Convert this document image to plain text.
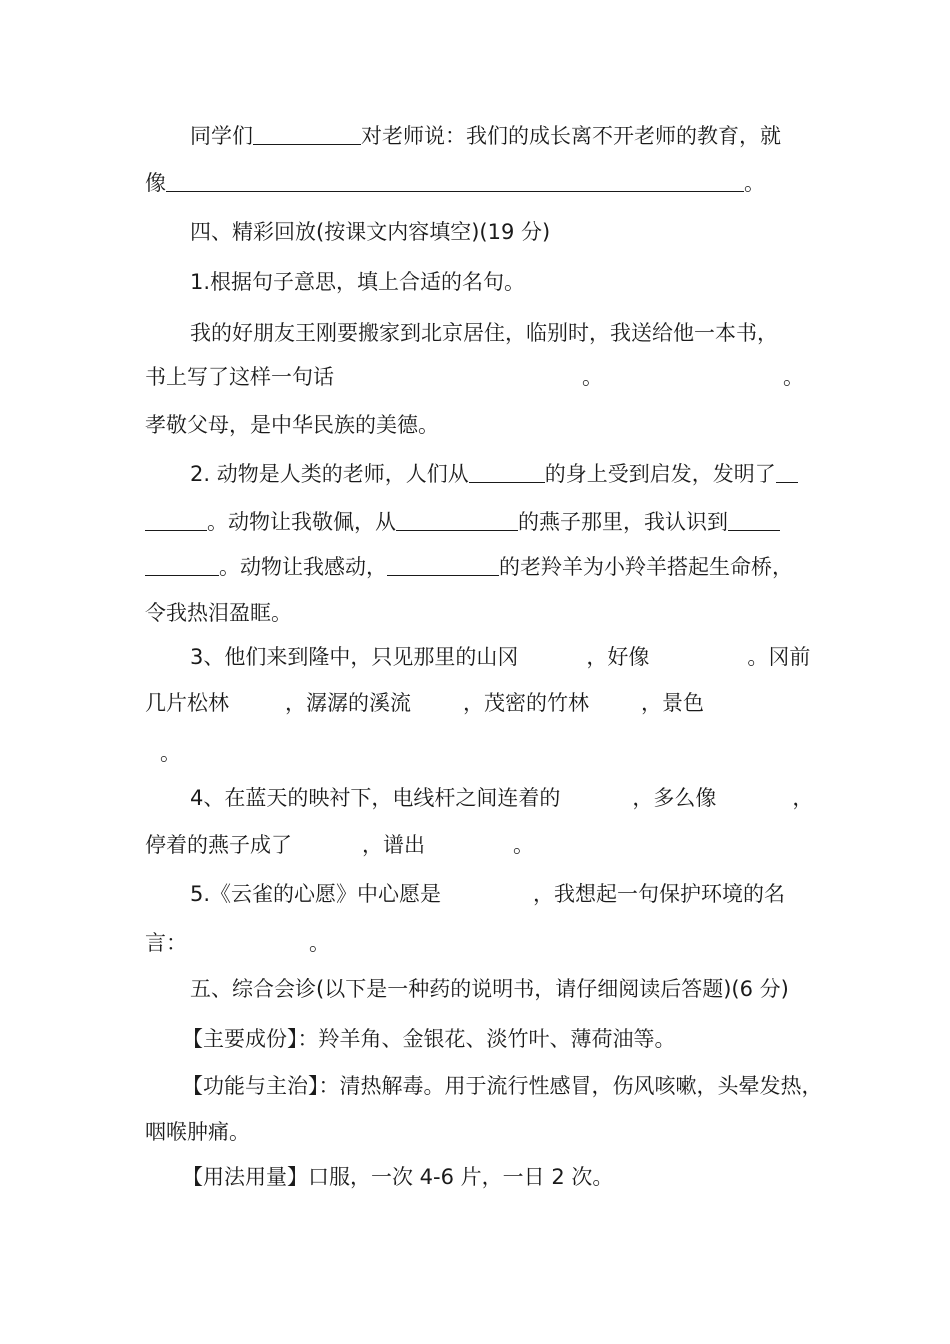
同学们	对老师说：我们的成长离不开老师的教育，就
像	。
四、精彩回放(按课文内容填空)(19 分)
1.根据句子意思，填上合适的名句。
我的好朋友王刚要搬家到北京居住，临别时，我送给他一本书，
书上写了这样一句话	。	。
孝敬父母，是中华民族的美德。
2. 动物是人类的老师，人们从	的身上受到启发，发明了
。动物让我敬佩，从	的燕子那里，我认识到
。动物让我感动，	的老羚羊为小羚羊搭起生命桥，
令我热泪盈眶。
3、他们来到隆中，只见那里的山冈	，好像	。冈前
几片松林	，潺潺的溪流 ，茂密的竹林 ，景色
。
4、在蓝天的映衬下，电线杆之间连着的	，多么像	，
停着的燕子成了	，谱出	。
5.《云雀的心愿》中心愿是	，我想起一句保护环境的名
言：	。
五、综合会诊(以下是一种药的说明书，请仔细阅读后答题)(6 分)
【主要成份】：羚羊角、金银花、淡竹叶、薄荷油等。
【功能与主治】：清热解毒。用于流行性感冒，伤风咳嗽，头晕发热，
咽喉肿痛。
【用法用量】口服，一次 4-6 片，一日 2 次。
